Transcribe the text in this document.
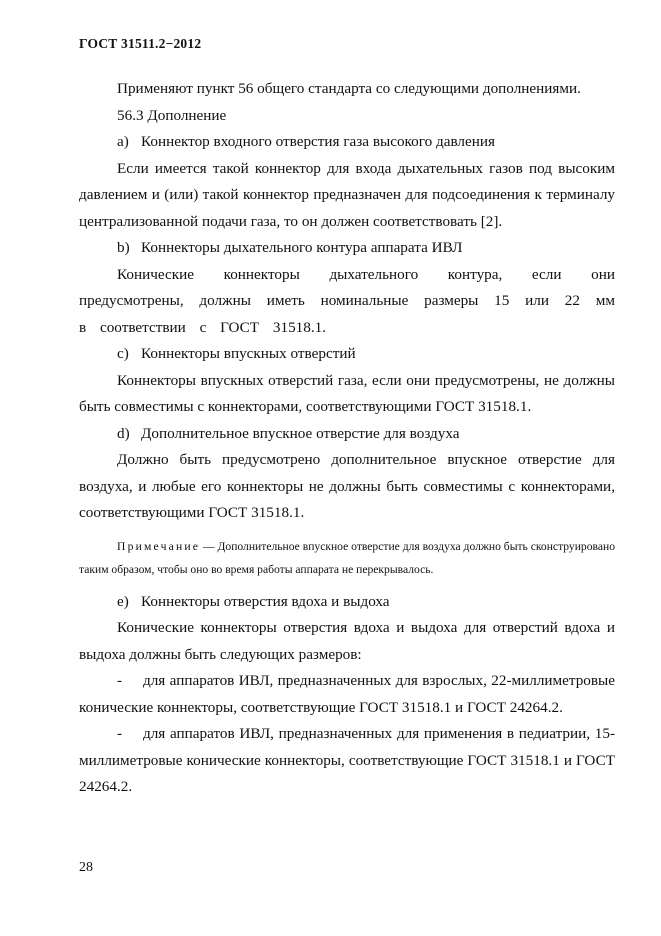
ГОСТ 31511.2−2012

Применяют пункт 56 общего стандарта со следующими дополнениями.

56.3 Дополнение

a) Коннектор входного отверстия газа высокого давления

Если имеется такой коннектор для входа дыхательных газов под высоким давлением и (или) такой коннектор предназначен для подсоединения к терминалу централизованной подачи газа, то он должен соответствовать [2].

b) Коннекторы дыхательного контура аппарата ИВЛ

Конические коннекторы дыхательного контура, если они предусмотрены, должны иметь номинальные размеры 15 или 22 мм в соответствии с ГОСТ 31518.1.

c) Коннекторы впускных отверстий

Коннекторы впускных отверстий газа, если они предусмотрены, не должны быть совместимы с коннекторами, соответствующими ГОСТ 31518.1.

d) Дополнительное впускное отверстие для воздуха

Должно быть предусмотрено дополнительное впускное отверстие для воздуха, и любые его коннекторы не должны быть совместимы с коннекторами, соответствующими ГОСТ 31518.1.

Примечание — Дополнительное впускное отверстие для воздуха должно быть сконструировано таким образом, чтобы оно во время работы аппарата не перекрывалось.

e) Коннекторы отверстия вдоха и выдоха

Конические коннекторы отверстия вдоха и выдоха для отверстий вдоха и выдоха должны быть следующих размеров:

- для аппаратов ИВЛ, предназначенных для взрослых, 22-миллиметровые конические коннекторы, соответствующие ГОСТ 31518.1 и ГОСТ 24264.2.

- для аппаратов ИВЛ, предназначенных для применения в педиатрии, 15-миллиметровые конические коннекторы, соответствующие ГОСТ 31518.1 и ГОСТ 24264.2.

28
